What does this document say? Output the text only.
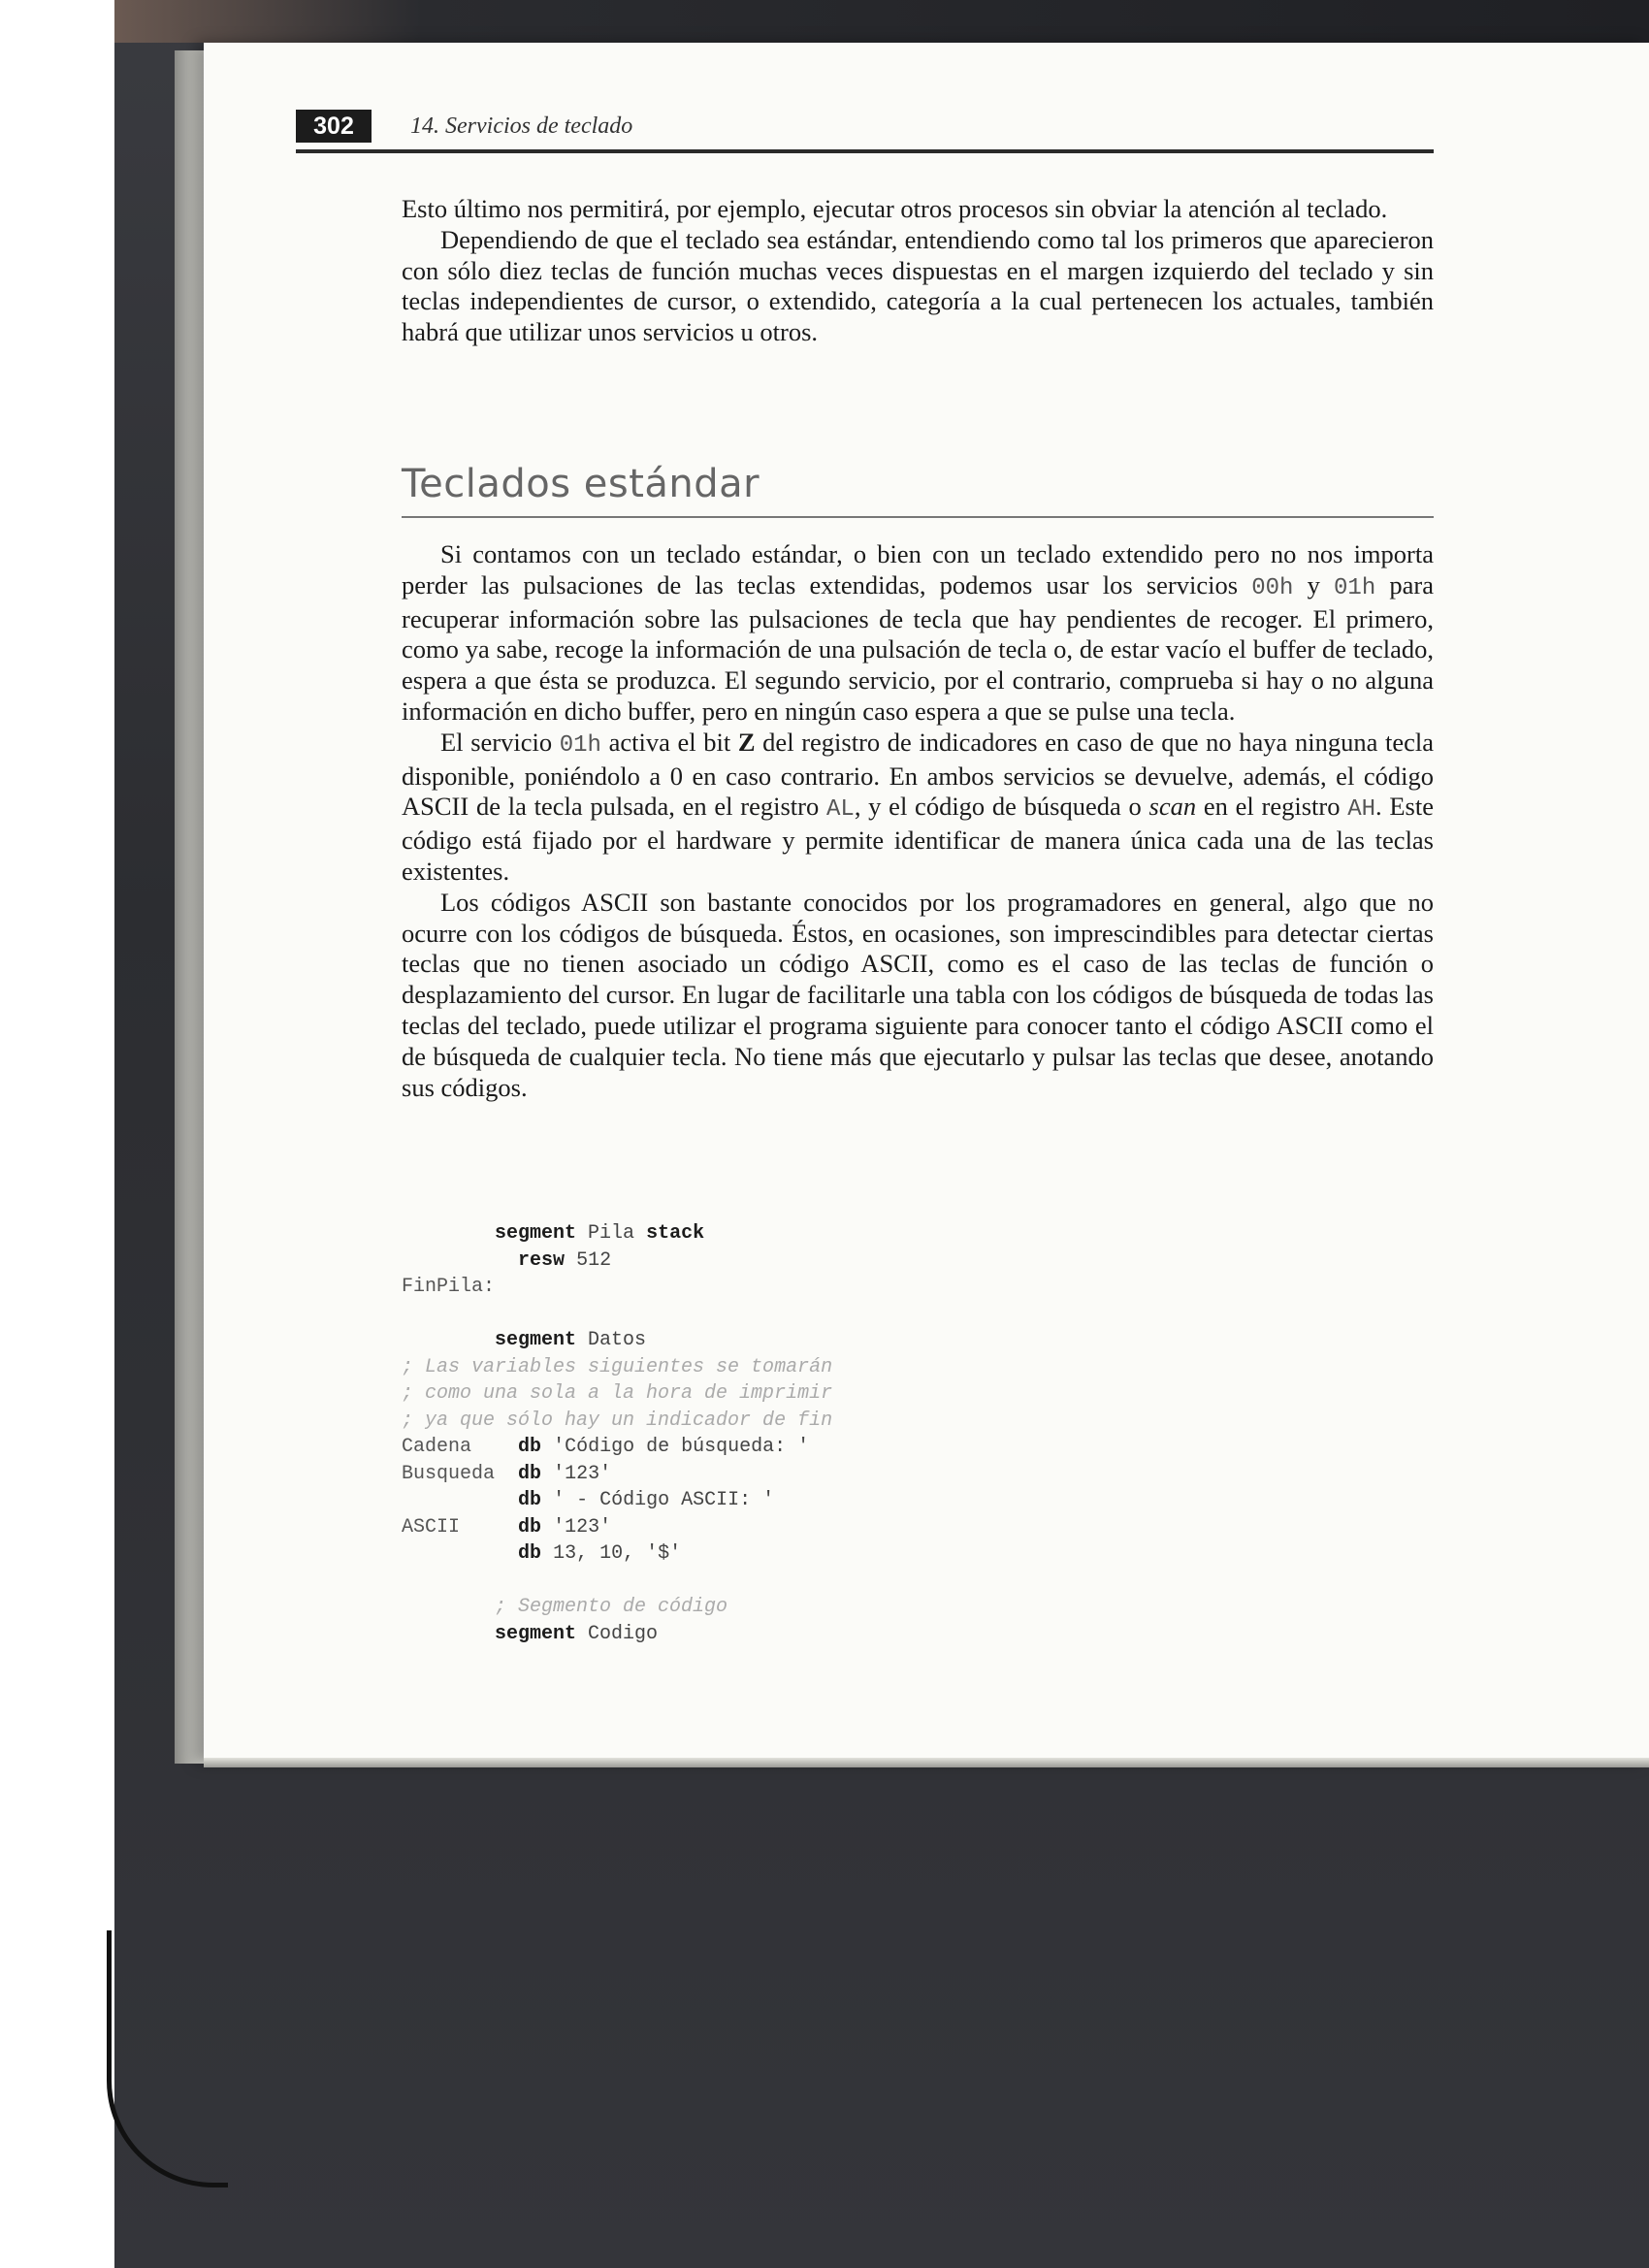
302	14. Servicios de teclado

Esto último nos permitirá, por ejemplo, ejecutar otros procesos sin obviar la atención al teclado.

Dependiendo de que el teclado sea estándar, entendiendo como tal los primeros que aparecieron con sólo diez teclas de función muchas veces dispuestas en el margen izquierdo del teclado y sin teclas independientes de cursor, o extendido, categoría a la cual pertenecen los actuales, también habrá que utilizar unos servicios u otros.

Teclados estándar

Si contamos con un teclado estándar, o bien con un teclado extendido pero no nos importa perder las pulsaciones de las teclas extendidas, podemos usar los servicios 00h y 01h para recuperar información sobre las pulsaciones de tecla que hay pendientes de recoger. El primero, como ya sabe, recoge la información de una pulsación de tecla o, de estar vacío el buffer de teclado, espera a que ésta se produzca. El segundo servicio, por el contrario, comprueba si hay o no alguna información en dicho buffer, pero en ningún caso espera a que se pulse una tecla.

El servicio 01h activa el bit Z del registro de indicadores en caso de que no haya ninguna tecla disponible, poniéndolo a 0 en caso contrario. En ambos servicios se devuelve, además, el código ASCII de la tecla pulsada, en el registro AL, y el código de búsqueda o scan en el registro AH. Este código está fijado por el hardware y permite identificar de manera única cada una de las teclas existentes.

Los códigos ASCII son bastante conocidos por los programadores en general, algo que no ocurre con los códigos de búsqueda. Éstos, en ocasiones, son imprescindibles para detectar ciertas teclas que no tienen asociado un código ASCII, como es el caso de las teclas de función o desplazamiento del cursor. En lugar de facilitarle una tabla con los códigos de búsqueda de todas las teclas del teclado, puede utilizar el programa siguiente para conocer tanto el código ASCII como el de búsqueda de cualquier tecla. No tiene más que ejecutarlo y pulsar las teclas que desee, anotando sus códigos.

segment Pila stack
resw 512
FinPila:

segment Datos
; Las variables siguientes se tomarán
; como una sola a la hora de imprimir
; ya que sólo hay un indicador de fin
Cadena db 'Código de búsqueda: '
Busqueda db '123'
db ' - Código ASCII: '
ASCII	db '123'
db 13, 10, '$'

; Segmento de código
segment Codigo
